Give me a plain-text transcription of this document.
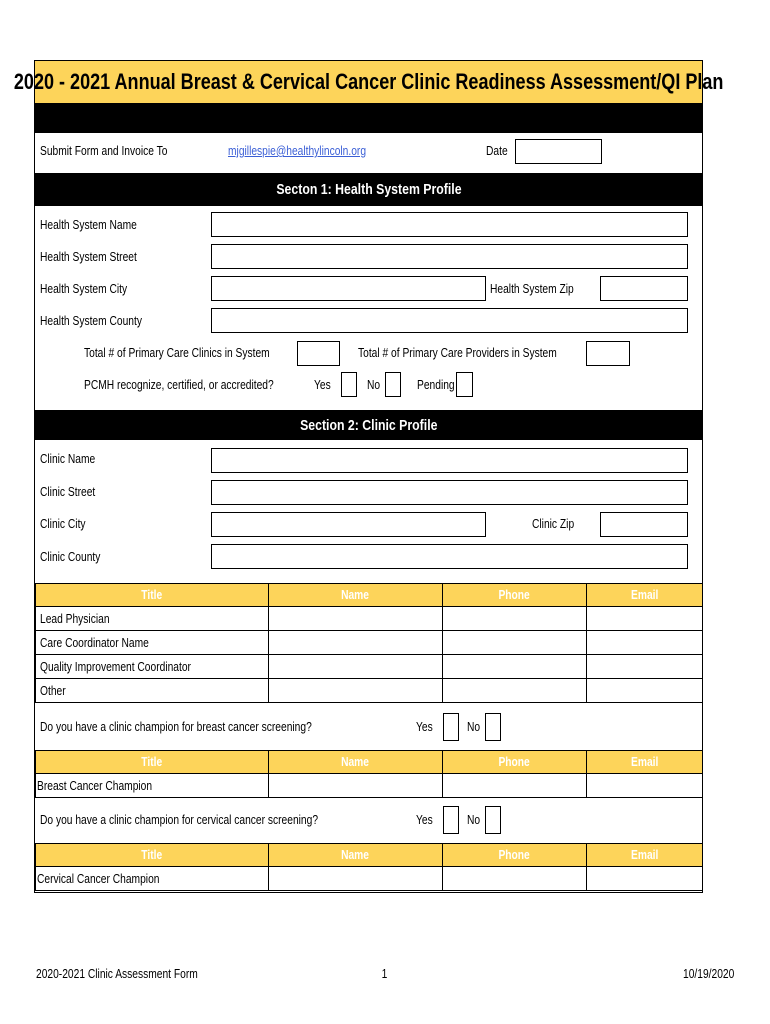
2020 - 2021 Annual Breast & Cervical Cancer Clinic Readiness Assessment/QI Plan
Submit Form and Invoice To	mjgillespie@healthylincoln.org	Date
Secton 1: Health System Profile
Health System Name
Health System Street
Health System City	Health System Zip
Health System County
Total # of Primary Care Clinics in System	Total # of Primary Care Providers in System
PCMH recognize, certified, or accredited?	Yes	No	Pending
Section 2: Clinic Profile
Clinic Name
Clinic Street
Clinic City	Clinic Zip
Clinic County
Title	Name	Phone	Email
Lead Physician			
Care Coordinator Name			
Quality Improvement Coordinator			
Other			
Do you have a clinic champion for breast cancer screening?	Yes	No
Title	Name	Phone	Email
Breast Cancer Champion			
Do you have a clinic champion for cervical cancer screening?	Yes	No
Title	Name	Phone	Email
Cervical Cancer Champion			
2020-2021 Clinic Assessment Form	1	10/19/2020
